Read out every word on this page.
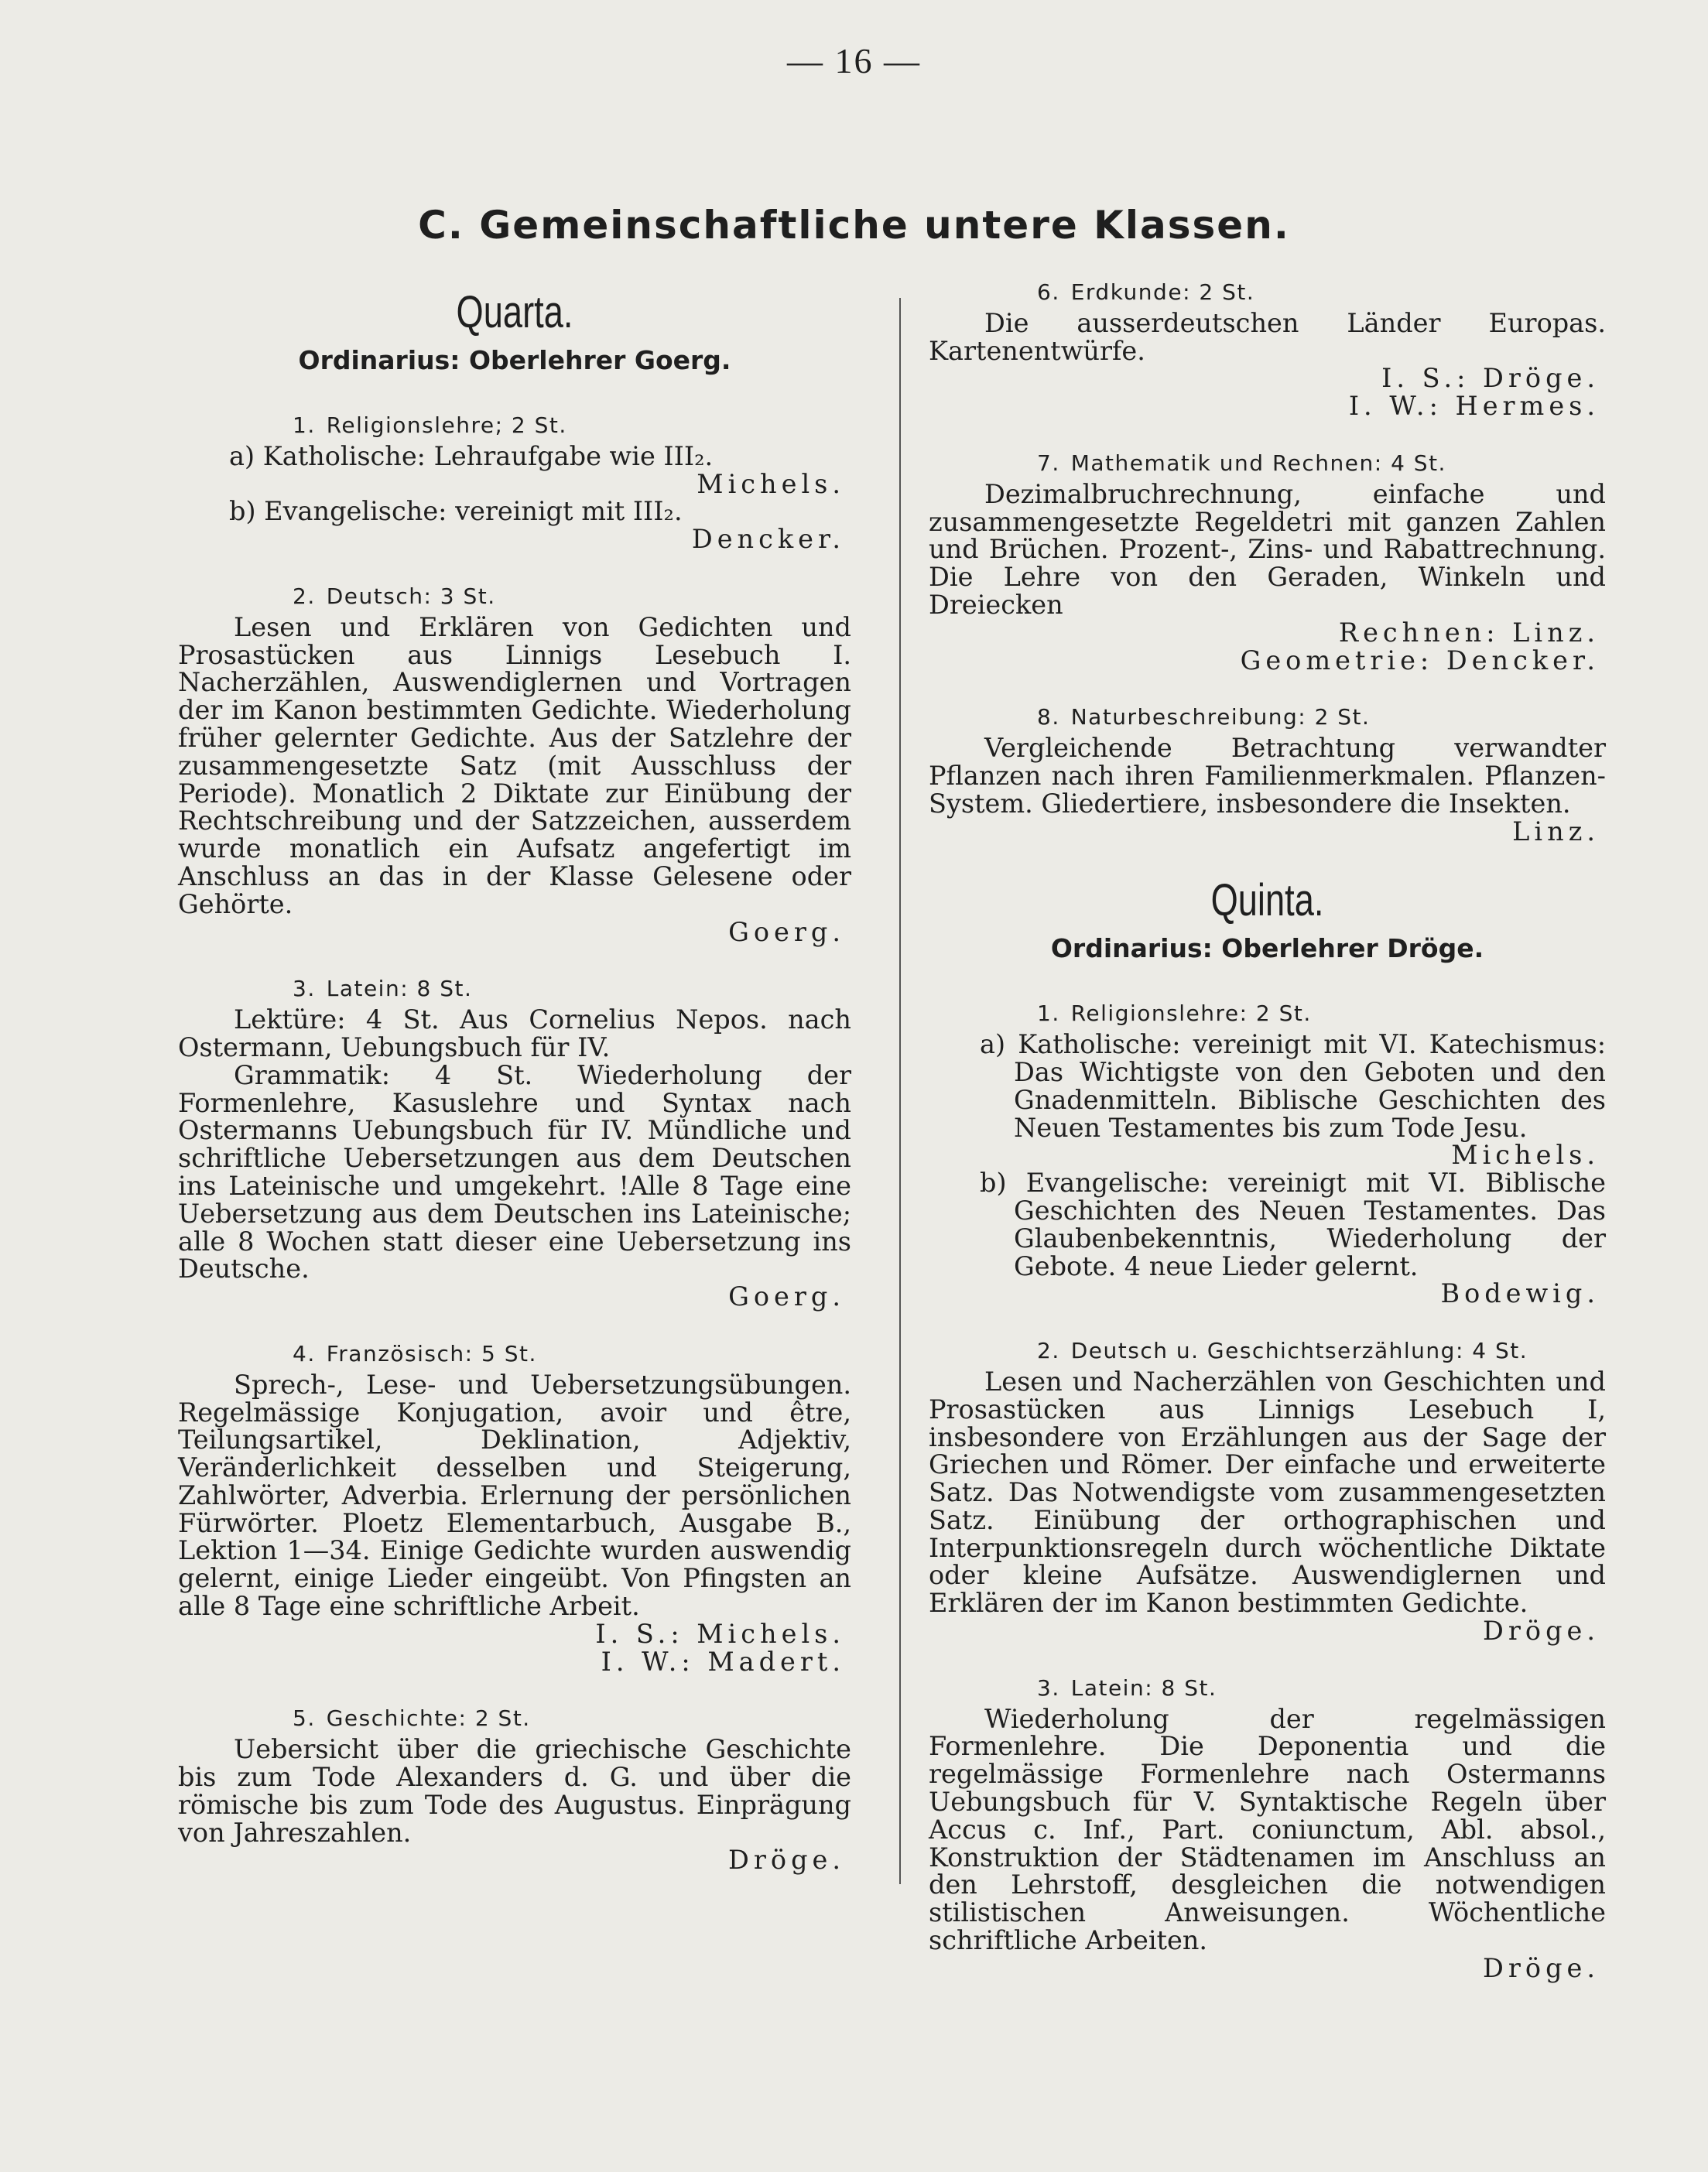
— 16 —
C. Gemeinschaftliche untere Klassen.
Quarta.
Ordinarius: Oberlehrer Goerg.
1. Religionslehre; 2 St.
a) Katholische: Lehraufgabe wie III₂.
Michels.
b) Evangelische: vereinigt mit III₂.
Dencker.
2. Deutsch: 3 St.
Lesen und Erklären von Gedichten und Prosastücken aus Linnigs Lesebuch I. Nacherzählen, Auswendiglernen und Vortragen der im Kanon bestimmten Gedichte. Wiederholung früher gelernter Gedichte. Aus der Satzlehre der zusammengesetzte Satz (mit Ausschluss der Periode). Monatlich 2 Diktate zur Einübung der Rechtschreibung und der Satzzeichen, ausserdem wurde monatlich ein Aufsatz angefertigt im Anschluss an das in der Klasse Gelesene oder Gehörte.
Goerg.
3. Latein: 8 St.
Lektüre: 4 St. Aus Cornelius Nepos. nach Ostermann, Uebungsbuch für IV.
Grammatik: 4 St. Wiederholung der Formenlehre, Kasuslehre und Syntax nach Ostermanns Uebungsbuch für IV. Mündliche und schriftliche Uebersetzungen aus dem Deutschen ins Lateinische und umgekehrt. !Alle 8 Tage eine Uebersetzung aus dem Deutschen ins Lateinische; alle 8 Wochen statt dieser eine Uebersetzung ins Deutsche.
Goerg.
4. Französisch: 5 St.
Sprech-, Lese- und Uebersetzungsübungen. Regelmässige Konjugation, avoir und être, Teilungsartikel, Deklination, Adjektiv, Veränderlichkeit desselben und Steigerung, Zahlwörter, Adverbia. Erlernung der persönlichen Fürwörter. Ploetz Elementarbuch, Ausgabe B., Lektion 1—34. Einige Gedichte wurden auswendig gelernt, einige Lieder eingeübt. Von Pfingsten an alle 8 Tage eine schriftliche Arbeit.
I. S.: Michels.
I. W.: Madert.
5. Geschichte: 2 St.
Uebersicht über die griechische Geschichte bis zum Tode Alexanders d. G. und über die römische bis zum Tode des Augustus. Einprägung von Jahreszahlen.
Dröge.
6. Erdkunde: 2 St.
Die ausserdeutschen Länder Europas. Kartenentwürfe.
I. S.: Dröge.
I. W.: Hermes.
7. Mathematik und Rechnen: 4 St.
Dezimalbruchrechnung, einfache und zusammengesetzte Regeldetri mit ganzen Zahlen und Brüchen. Prozent-, Zins- und Rabattrechnung. Die Lehre von den Geraden, Winkeln und Dreiecken
Rechnen: Linz.
Geometrie: Dencker.
8. Naturbeschreibung: 2 St.
Vergleichende Betrachtung verwandter Pflanzen nach ihren Familienmerkmalen. Pflanzen-System. Gliedertiere, insbesondere die Insekten.
Linz.
Quinta.
Ordinarius: Oberlehrer Dröge.
1. Religionslehre: 2 St.
a) Katholische: vereinigt mit VI. Katechismus: Das Wichtigste von den Geboten und den Gnadenmitteln. Biblische Geschichten des Neuen Testamentes bis zum Tode Jesu.
Michels.
b) Evangelische: vereinigt mit VI. Biblische Geschichten des Neuen Testamentes. Das Glaubenbekenntnis, Wiederholung der Gebote. 4 neue Lieder gelernt.
Bodewig.
2. Deutsch u. Geschichtserzählung: 4 St.
Lesen und Nacherzählen von Geschichten und Prosastücken aus Linnigs Lesebuch I, insbesondere von Erzählungen aus der Sage der Griechen und Römer. Der einfache und erweiterte Satz. Das Notwendigste vom zusammengesetzten Satz. Einübung der orthographischen und Interpunktionsregeln durch wöchentliche Diktate oder kleine Aufsätze. Auswendiglernen und Erklären der im Kanon bestimmten Gedichte.
Dröge.
3. Latein: 8 St.
Wiederholung der regelmässigen Formenlehre. Die Deponentia und die regelmässige Formenlehre nach Ostermanns Uebungsbuch für V. Syntaktische Regeln über Accus c. Inf., Part. coniunctum, Abl. absol., Konstruktion der Städtenamen im Anschluss an den Lehrstoff, desgleichen die notwendigen stilistischen Anweisungen. Wöchentliche schriftliche Arbeiten.
Dröge.
